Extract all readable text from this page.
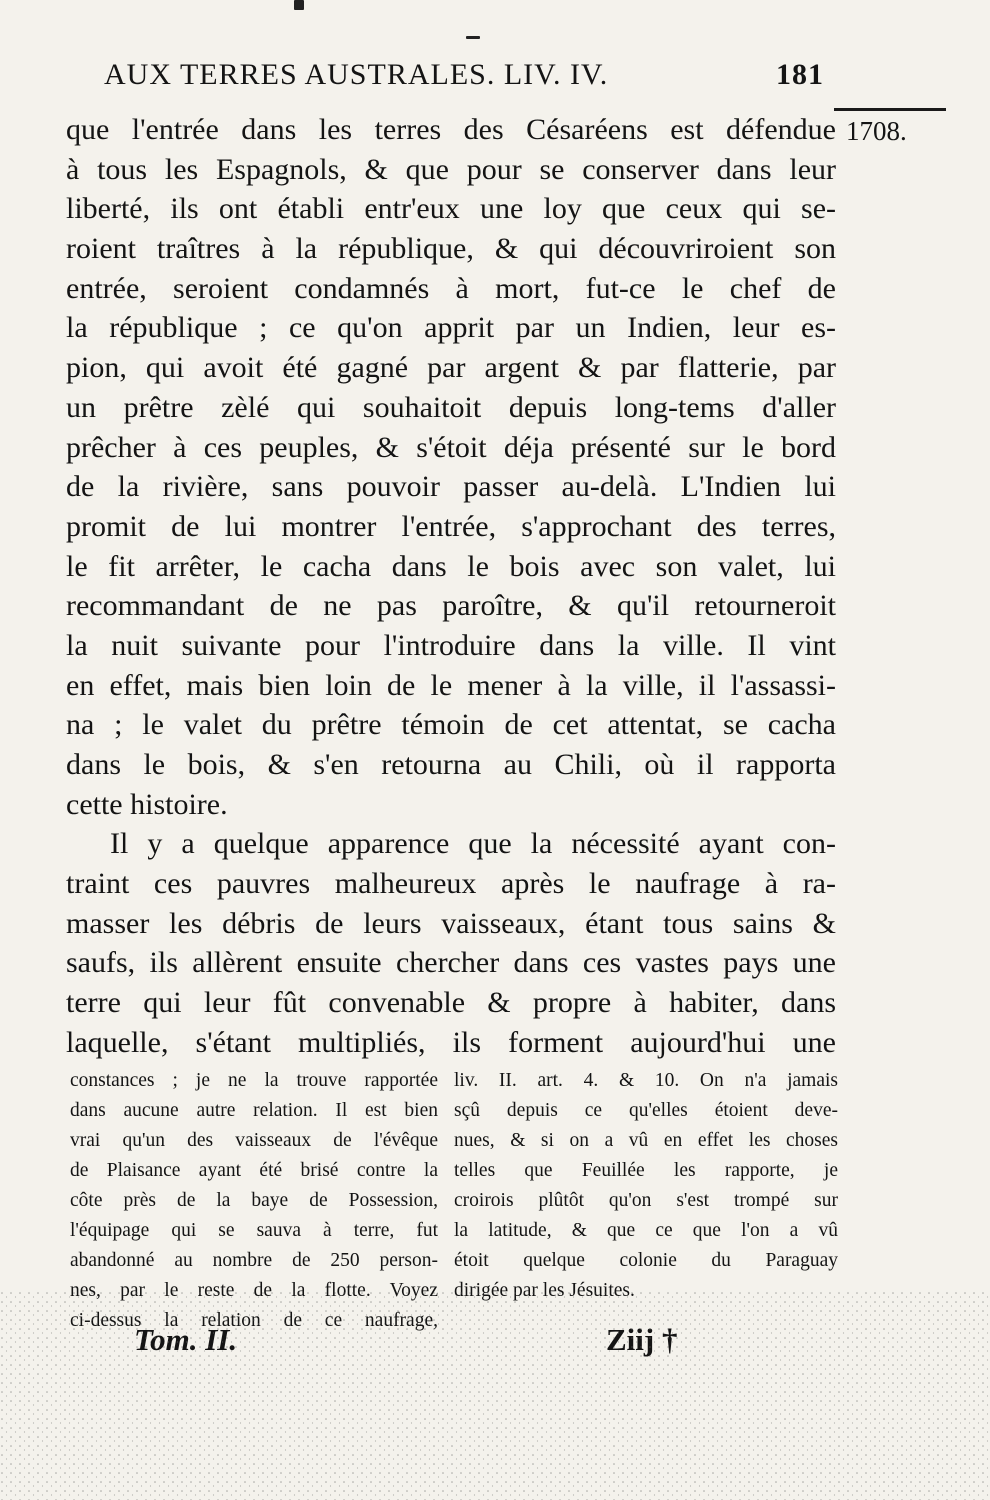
AUX TERRES AUSTRALES. LIV. IV.	181
1708.
que l'entrée dans les terres des Césaréens est défendue
à tous les Espagnols, & que pour se conserver dans leur
liberté, ils ont établi entr'eux une loy que ceux qui se-
roient traîtres à la république, & qui découvriroient son
entrée, seroient condamnés à mort, fut-ce le chef de
la république ; ce qu'on apprit par un Indien, leur es-
pion, qui avoit été gagné par argent & par flatterie, par
un prêtre zèlé qui souhaitoit depuis long-tems d'aller
prêcher à ces peuples, & s'étoit déja présenté sur le bord
de la rivière, sans pouvoir passer au-delà. L'Indien lui
promit de lui montrer l'entrée, s'approchant des terres,
le fit arrêter, le cacha dans le bois avec son valet, lui
recommandant de ne pas paroître, & qu'il retourneroit
la nuit suivante pour l'introduire dans la ville. Il vint
en effet, mais bien loin de le mener à la ville, il l'assassi-
na ; le valet du prêtre témoin de cet attentat, se cacha
dans le bois, & s'en retourna au Chili, où il rapporta
cette histoire.
Il y a quelque apparence que la nécessité ayant con-
traint ces pauvres malheureux après le naufrage à ra-
masser les débris de leurs vaisseaux, étant tous sains &
saufs, ils allèrent ensuite chercher dans ces vastes pays une
terre qui leur fût convenable & propre à habiter, dans
laquelle, s'étant multipliés, ils forment aujourd'hui une
constances ; je ne la trouve rapportée
dans aucune autre relation. Il est bien
vrai qu'un des vaisseaux de l'évêque
de Plaisance ayant été brisé contre la
côte près de la baye de Possession,
l'équipage qui se sauva à terre, fut
abandonné au nombre de 250 person-
liv. II. art. 4. & 10. On n'a jamais
sçû depuis ce qu'elles étoient deve-
nues, & si on a vû en effet les choses
telles que Feuillée les rapporte, je
croirois plûtôt qu'on s'est trompé sur
la latitude, & que ce que l'on a vû
étoit quelque colonie du Paraguay
